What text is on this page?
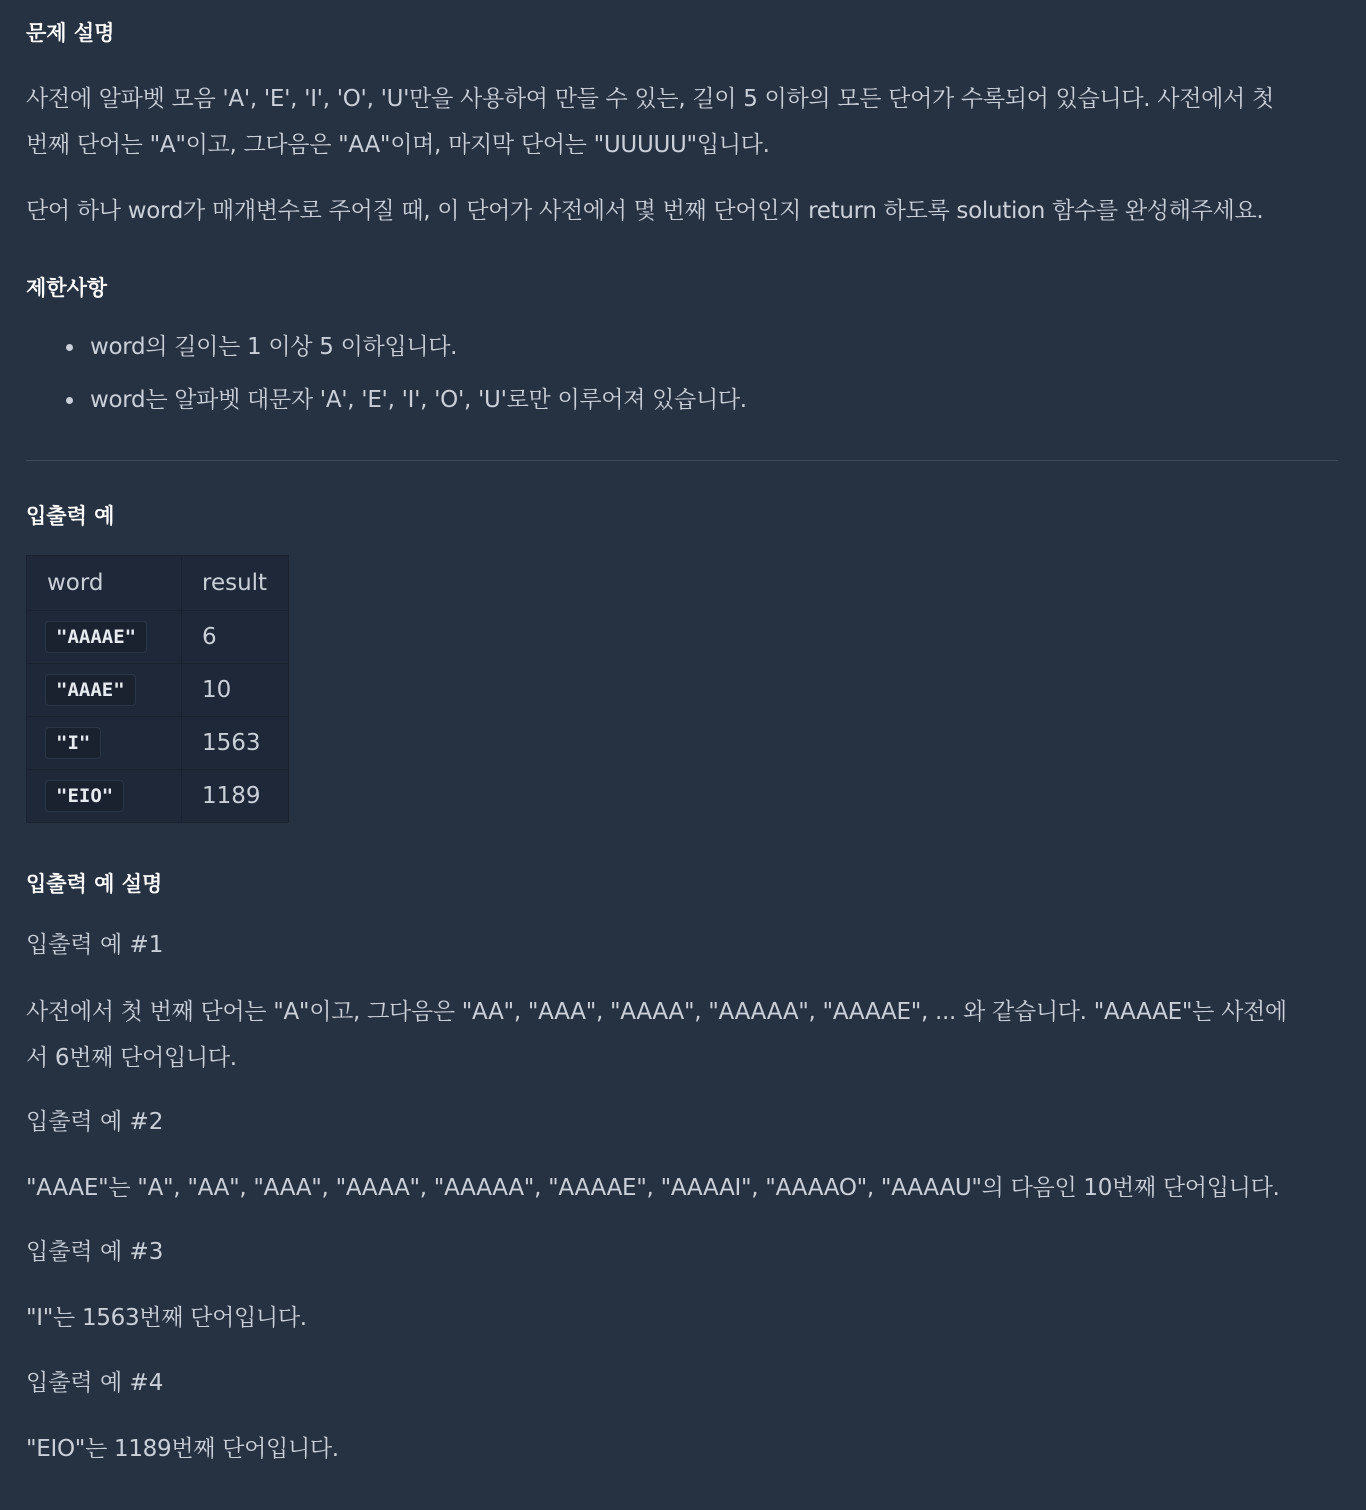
문제 설명

사전에 알파벳 모음 'A', 'E', 'I', 'O', 'U'만을 사용하여 만들 수 있는, 길이 5 이하의 모든 단어가 수록되어 있습니다. 사전에서 첫
번째 단어는 "A"이고, 그다음은 "AA"이며, 마지막 단어는 "UUUUU"입니다.

단어 하나 word가 매개변수로 주어질 때, 이 단어가 사전에서 몇 번째 단어인지 return 하도록 solution 함수를 완성해주세요.

제한사항
word의 길이는 1 이상 5 이하입니다.
word는 알파벳 대문자 'A', 'E', 'I', 'O', 'U'로만 이루어져 있습니다.
입출력 예
word	result
"AAAAE"	6
"AAAE"	10
"I"	1563
"EIO"	1189
입출력 예 설명

입출력 예 #1

사전에서 첫 번째 단어는 "A"이고, 그다음은 "AA", "AAA", "AAAA", "AAAAA", "AAAAE", ... 와 같습니다. "AAAAE"는 사전에
서 6번째 단어입니다.

입출력 예 #2

"AAAE"는 "A", "AA", "AAA", "AAAA", "AAAAA", "AAAAE", "AAAAI", "AAAAO", "AAAAU"의 다음인 10번째 단어입니다.

입출력 예 #3

"I"는 1563번째 단어입니다.

입출력 예 #4

"EIO"는 1189번째 단어입니다.
